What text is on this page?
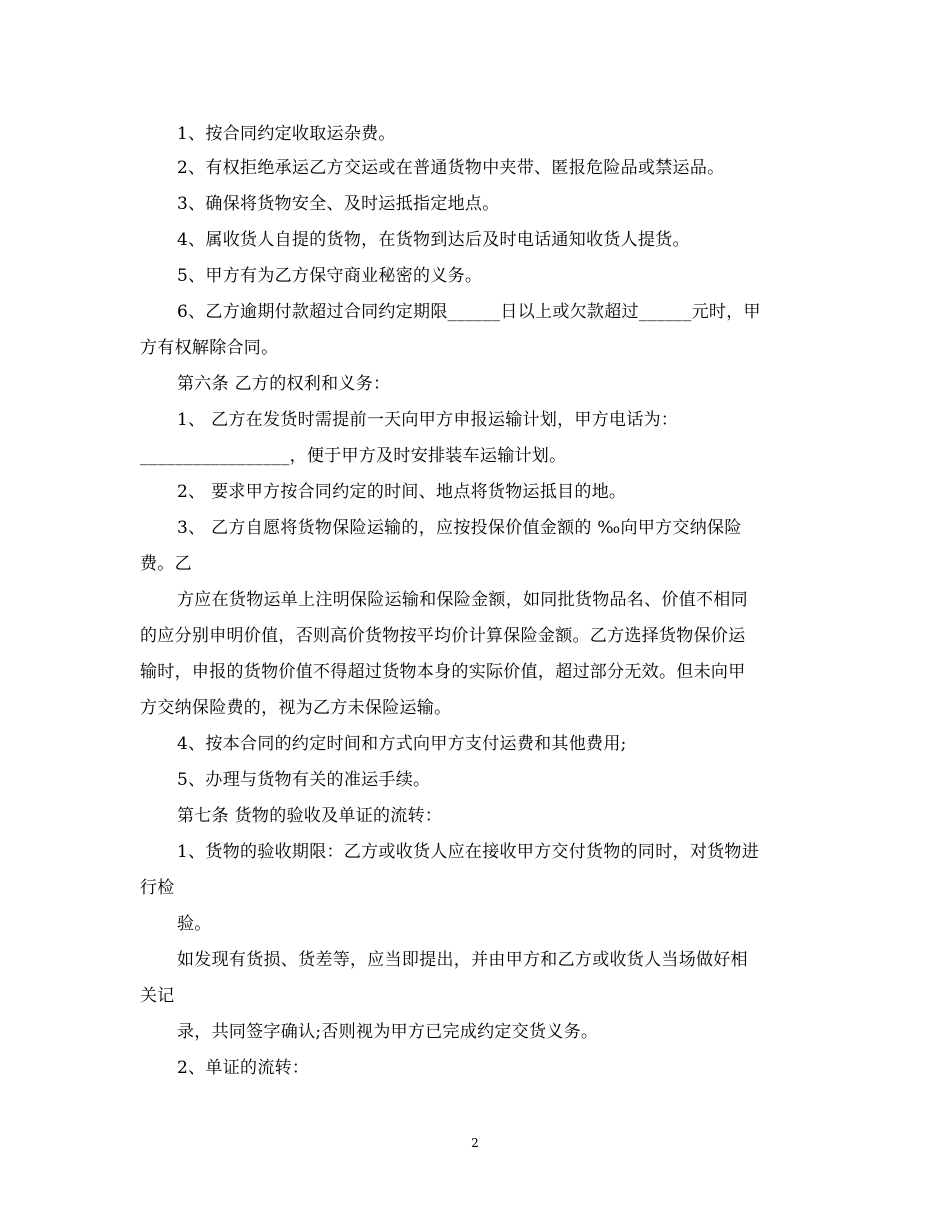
1、按合同约定收取运杂费。

2、有权拒绝承运乙方交运或在普通货物中夹带、匿报危险品或禁运品。

3、确保将货物安全、及时运抵指定地点。

4、属收货人自提的货物，在货物到达后及时电话通知收货人提货。

5、甲方有为乙方保守商业秘密的义务。

6、乙方逾期付款超过合同约定期限______日以上或欠款超过______元时，甲

方有权解除合同。

第六条 乙方的权利和义务：

1、 乙方在发货时需提前一天向甲方申报运输计划，甲方电话为：

_________________，便于甲方及时安排装车运输计划。

2、 要求甲方按合同约定的时间、地点将货物运抵目的地。

3、 乙方自愿将货物保险运输的，应按投保价值金额的 ‰向甲方交纳保险

费。乙

方应在货物运单上注明保险运输和保险金额，如同批货物品名、价值不相同

的应分别申明价值，否则高价货物按平均价计算保险金额。乙方选择货物保价运

输时，申报的货物价值不得超过货物本身的实际价值，超过部分无效。但未向甲

方交纳保险费的，视为乙方未保险运输。

4、按本合同的约定时间和方式向甲方支付运费和其他费用;

5、办理与货物有关的准运手续。

第七条 货物的验收及单证的流转：

1、货物的验收期限：乙方或收货人应在接收甲方交付货物的同时，对货物进

行检

验。

如发现有货损、货差等，应当即提出，并由甲方和乙方或收货人当场做好相

关记

录，共同签字确认;否则视为甲方已完成约定交货义务。

2、单证的流转：

2
